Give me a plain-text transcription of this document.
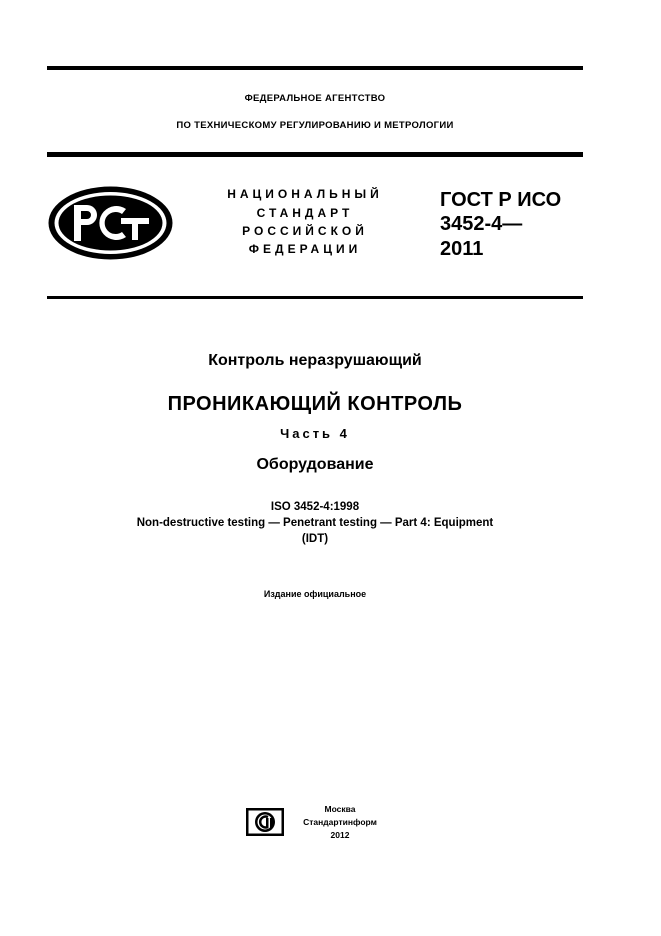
ФЕДЕРАЛЬНОЕ АГЕНТСТВО
ПО ТЕХНИЧЕСКОМУ РЕГУЛИРОВАНИЮ И МЕТРОЛОГИИ
НАЦИОНАЛЬНЫЙ
СТАНДАРТ
РОССИЙСКОЙ
ФЕДЕРАЦИИ
ГОСТ Р ИСО
3452-4—
2011
Контроль неразрушающий
ПРОНИКАЮЩИЙ КОНТРОЛЬ
Часть 4
Оборудование
ISO 3452-4:1998
Non-destructive testing — Penetrant testing — Part 4: Equipment
(IDT)
Издание официальное
Москва
Стандартинформ
2012
